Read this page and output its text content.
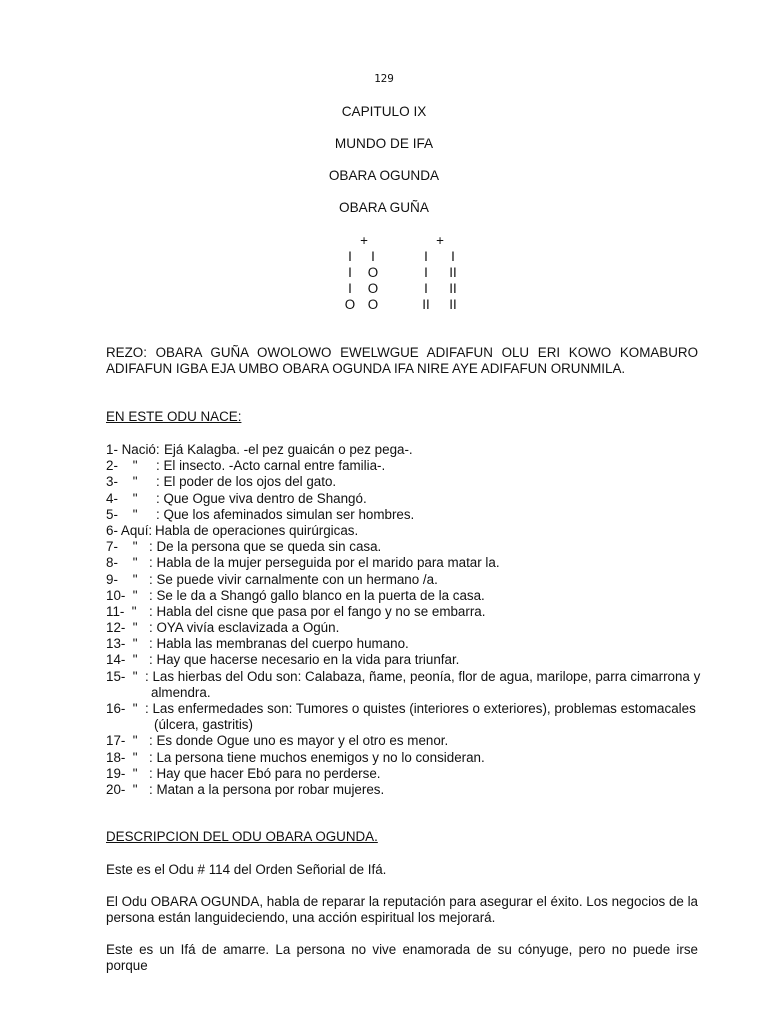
129
CAPITULO IX
MUNDO DE IFA
OBARA OGUNDA
OBARA GUÑA
+
I	I
I	O
I	O
O O
+
I	I
I	II
I	II
II II
REZO: OBARA GUÑA OWOLOWO EWELWGUE ADIFAFUN OLU ERI KOWO KOMABURO
ADIFAFUN IGBA EJA UMBO OBARA OGUNDA IFA NIRE AYE ADIFAFUN ORUNMILA.
EN ESTE ODU NACE:
1- Nació: Ejá Kalagba. -el pez guaicán o pez pega-.
2-    " : El insecto. -Acto carnal entre familia-.
3-    " : El poder de los ojos del gato.
4-    " : Que Ogue viva dentro de Shangó.
5-    " : Que los afeminados simulan ser hombres.
6- Aquí: Habla de operaciones quirúrgicas.
7-    " : De la persona que se queda sin casa.
8-    " : Habla de la mujer perseguida por el marido para matar la.
9-    " : Se puede vivir carnalmente con un hermano /a.
10-  " : Se le da a Shangó gallo blanco en la puerta de la casa.
11-  " : Habla del cisne que pasa por el fango y no se embarra.
12-  " : OYA vivía esclavizada a Ogún.
13-  " : Habla las membranas del cuerpo humano.
14-  " : Hay que hacerse necesario en la vida para triunfar.
15-  " : Las hierbas del Odu son: Calabaza, ñame, peonía, flor de agua, marilope, parra cimarrona y
almendra.
16-  " : Las enfermedades son: Tumores o quistes (interiores o exteriores), problemas estomacales
(úlcera, gastritis)
17-  " : Es donde Ogue uno es mayor y el otro es menor.
18-  " : La persona tiene muchos enemigos y no lo consideran.
19-  " : Hay que hacer Ebó para no perderse.
20-  " : Matan a la persona por robar mujeres.
DESCRIPCION DEL ODU OBARA OGUNDA.
Este es el Odu # 114 del Orden Señorial de Ifá.
El Odu OBARA OGUNDA, habla de reparar la reputación para asegurar el éxito. Los negocios de la
persona están languideciendo, una acción espiritual los mejorará.
Este es un Ifá de amarre. La persona no vive enamorada de su cónyuge, pero no puede irse porque
